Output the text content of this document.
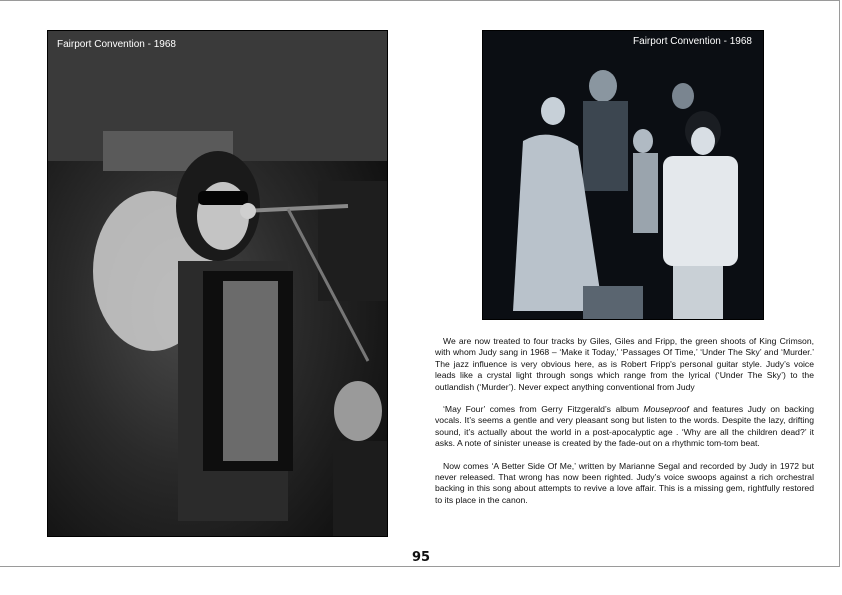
Fairport Convention - 1968	Fairport Convention - 1968

We are now treated to four tracks by Giles, Giles and Fripp, the green shoots of King Crimson, with whom Judy sang in 1968 – ‘Make it Today,’ ‘Passages Of Time,’ ‘Under The Sky’ and ‘Murder.’ The jazz influence is very obvious here, as is Robert Fripp's personal guitar style. Judy’s voice leads like a crystal light through songs which range from the lyrical (‘Under The Sky’) to the outlandish (‘Murder’). Never expect anything conventional from Judy

‘May Four’ comes from Gerry Fitzgerald’s album Mouseproof and features Judy on backing vocals. It’s seems a gentle and very pleasant song but listen to the words. Despite the lazy, drifting sound, it’s actually about the world in a post-apocalyptic age . ‘Why are all the children dead?’ it asks. A note of sinister unease is created by the fade-out on a rhythmic tom-tom beat.

Now comes ‘A Better Side Of Me,’ written by Marianne Segal and recorded by Judy in 1972 but never released. That wrong has now been righted. Judy’s voice swoops against a rich orchestral backing in this song about attempts to revive a love affair. This is a missing gem, rightfully restored to its place in the canon.

95
